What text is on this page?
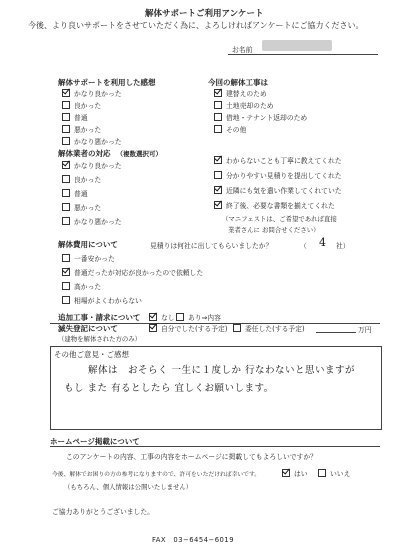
解体サポートご利用アンケート
今後、より良いサポートをさせていただく為に、よろしければアンケートにご協力ください。
お名前
解体サポートを利用した感想
かなり良かった
良かった
普通
悪かった
かなり悪かった
今回の解体工事は
建替えのため
土地売却のため
借地・テナント返却のため
その他
解体業者の対応 （複数選択可）
かなり良かった
良かった
普通
悪かった
かなり悪かった
わからないことも丁寧に教えてくれた
分かりやすい見積りを提出してくれた
近隣にも気を遣い作業してくれていた
終了後、必要な書類を揃えてくれた
（マニフェストは、ご希望であれば直接
業者さんに お問合せください）
解体費用について	見積りは何社に出してもらいましたか？	（ 4 社）
一番安かった
普通だったが対応が良かったので依頼した
高かった
相場がよくわからない
追加工事・請求について	なし	あり⇒内容
滅失登記について
（建物を解体された方のみ）
自分でした(する予定)	委任した(する予定)	万円
その他ご意見・ご感想
解体は　おそらく 一生に１度しか 行なわないと思いますが
もし また 有るとしたら 宜しくお願いします。
ホームページ掲載について
このアンケートの内容、工事の内容をホームページに掲載してもよろしいですか？
今後、解体でお困りの方の参考になりますので、許可をいただければ幸いです。	はい	いいえ
（もちろん、個人情報は公開いたしません）
ご協力ありがとうございました。
FAX　03−6454−6019
